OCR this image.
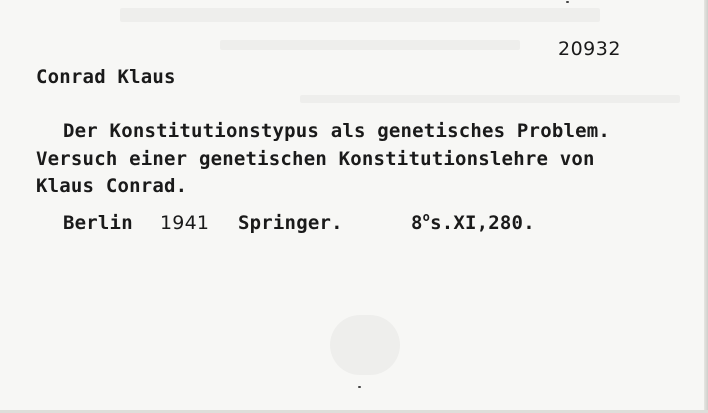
20932
Conrad Klaus
Der Konstitutionstypus als genetisches Problem.
Versuch einer genetischen Konstitutionslehre von
Klaus Conrad.
Berlin 1941 Springer.	8$^o$s.XI,280.
